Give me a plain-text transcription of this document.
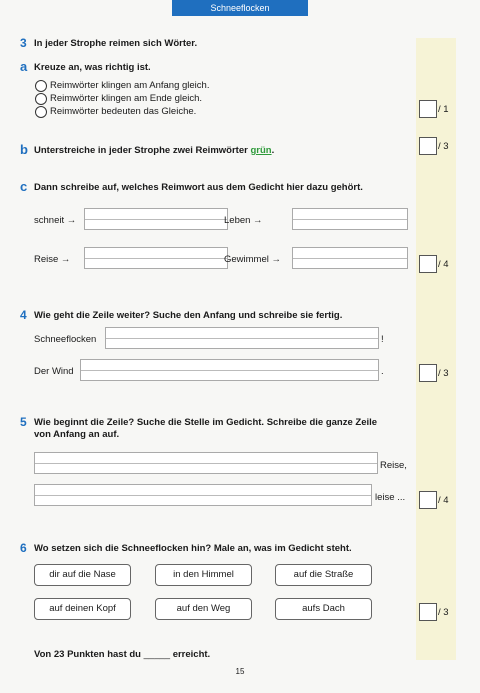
Schneeflocken
3 In jeder Strophe reimen sich Wörter.
a Kreuze an, was richtig ist.
Reimwörter klingen am Anfang gleich.
Reimwörter klingen am Ende gleich.
Reimwörter bedeuten das Gleiche.	/ 1
b Unterstreiche in jeder Strophe zwei Reimwörter grün.	/ 3
c Dann schreibe auf, welches Reimwort aus dem Gedicht hier dazu gehört.
schneit →	Leben →
Reise →	Gewimmel →	/ 4
4 Wie geht die Zeile weiter? Suche den Anfang und schreibe sie fertig.
Schneeflocken	!
Der Wind	.	/ 3
5 Wie beginnt die Zeile? Suche die Stelle im Gedicht. Schreibe die ganze Zeile
von Anfang an auf.
Reise,
leise ...	/ 4
6 Wo setzen sich die Schneeflocken hin? Male an, was im Gedicht steht.
dir auf die Nase	in den Himmel	auf die Straße
auf deinen Kopf	auf den Weg	aufs Dach	/ 3
Von 23 Punkten hast du _____ erreicht.
15
